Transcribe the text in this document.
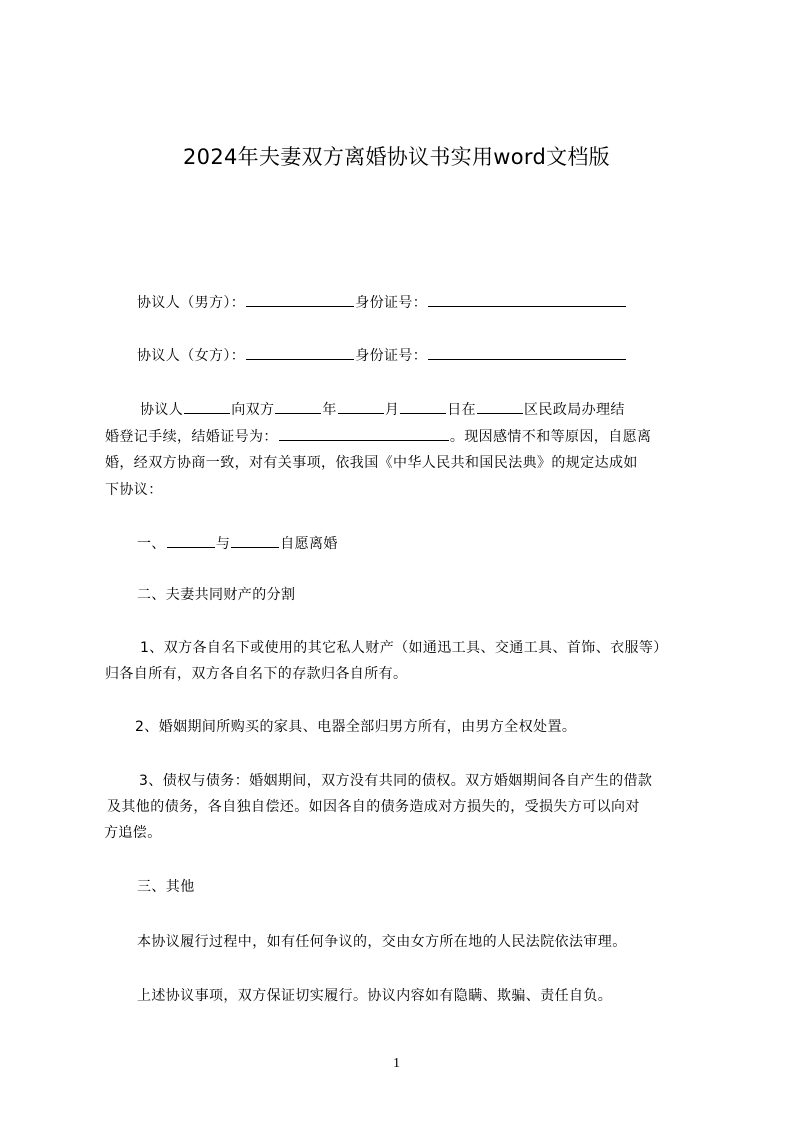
2024年夫妻双方离婚协议书实用word文档版
协议人（男方）：	身份证号：
协议人（女方）：	身份证号：
协议人	向双方	年	月	日在	区民政局办理结
婚登记手续，结婚证号为：	。现因感情不和等原因，自愿离
婚，经双方协商一致，对有关事项，依我国《中华人民共和国民法典》的规定达成如
下协议：
一、	与	自愿离婚
二、夫妻共同财产的分割
1、双方各自名下或使用的其它私人财产（如通迅工具、交通工具、首饰、衣服等）
归各自所有，双方各自名下的存款归各自所有。
2、婚姻期间所购买的家具、电器全部归男方所有，由男方全权处置。
3、债权与债务：婚姻期间，双方没有共同的债权。双方婚姻期间各自产生的借款
及其他的债务，各自独自偿还。如因各自的债务造成对方损失的，受损失方可以向对
方追偿。
三、其他
本协议履行过程中，如有任何争议的，交由女方所在地的人民法院依法审理。
上述协议事项，双方保证切实履行。协议内容如有隐瞒、欺骗、责任自负。
1
